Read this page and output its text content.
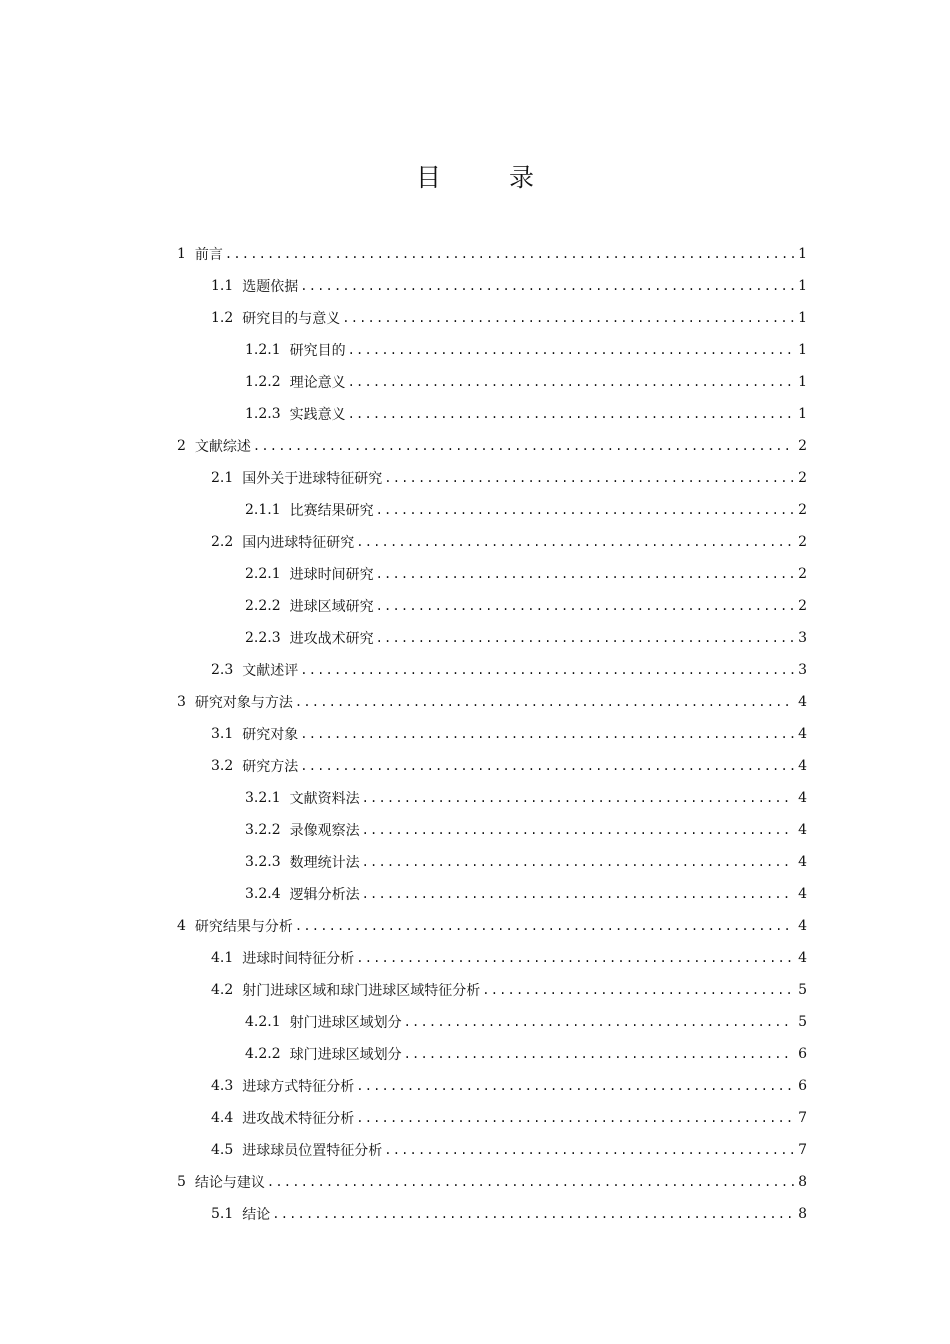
目 录
1 前言 .....	1
1.1 选题依据 .....	1
1.2 研究目的与意义 .....	1
1.2.1 研究目的 .....	1
1.2.2 理论意义 .....	1
1.2.3 实践意义 .....	1
2 文献综述 .....	2
2.1 国外关于进球特征研究 .....	2
2.1.1 比赛结果研究 .....	2
2.2 国内进球特征研究 .....	2
2.2.1 进球时间研究 .....	2
2.2.2 进球区域研究 .....	2
2.2.3 进攻战术研究 .....	3
2.3 文献述评 .....	3
3 研究对象与方法 .....	4
3.1 研究对象 .....	4
3.2 研究方法 .....	4
3.2.1 文献资料法 .....	4
3.2.2 录像观察法 .....	4
3.2.3 数理统计法 .....	4
3.2.4 逻辑分析法 .....	4
4 研究结果与分析 .....	4
4.1 进球时间特征分析 .....	4
4.2 射门进球区域和球门进球区域特征分析 .....	5
4.2.1 射门进球区域划分 .....	5
4.2.2 球门进球区域划分 .....	6
4.3 进球方式特征分析 .....	6
4.4 进攻战术特征分析 .....	7
4.5 进球球员位置特征分析 .....	7
5 结论与建议 .....	8
5.1 结论 .....	8
